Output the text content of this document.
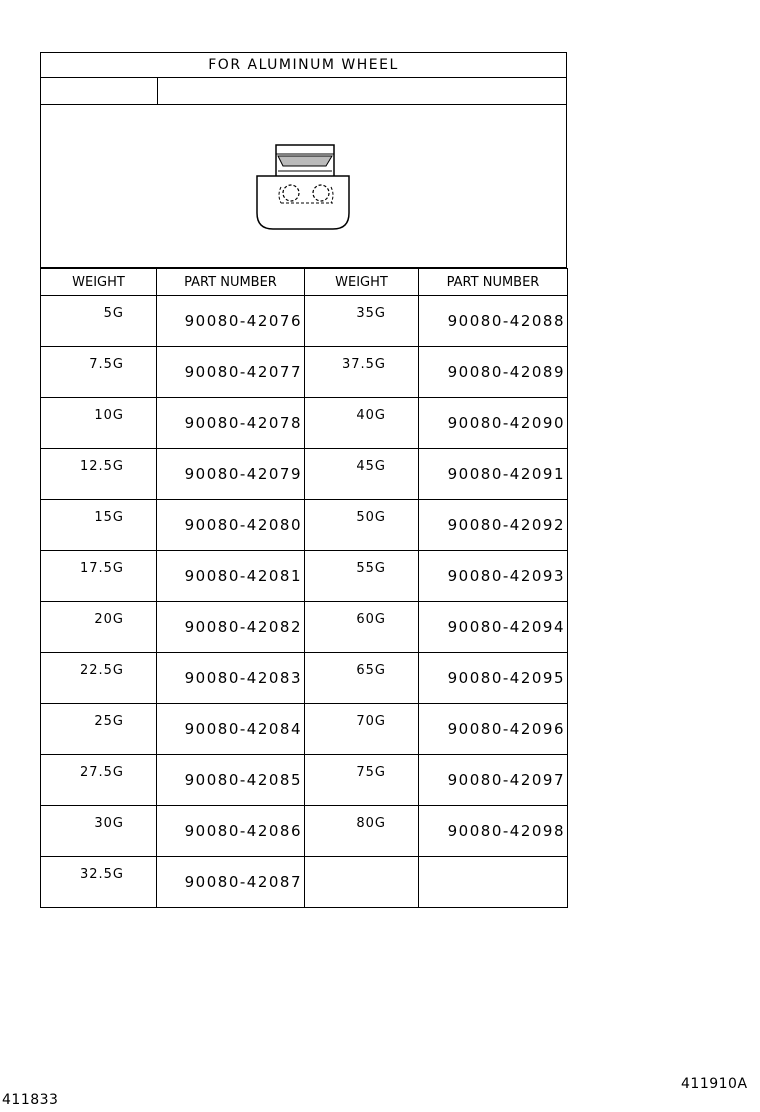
FOR ALUMINUM WHEEL
WEIGHT	PART NUMBER	WEIGHT	PART NUMBER

5G	90080-42076	35G	90080-42088

7.5G	90080-42077	37.5G	90080-42089

10G	90080-42078	40G	90080-42090

12.5G	90080-42079	45G	90080-42091

15G	90080-42080	50G	90080-42092

17.5G	90080-42081	55G	90080-42093

20G	90080-42082	60G	90080-42094

22.5G	90080-42083	65G	90080-42095

25G	90080-42084	70G	90080-42096

27.5G	90080-42085	75G	90080-42097

30G	90080-42086	80G	90080-42098

32.5G	90080-42087		

411833
411910A
